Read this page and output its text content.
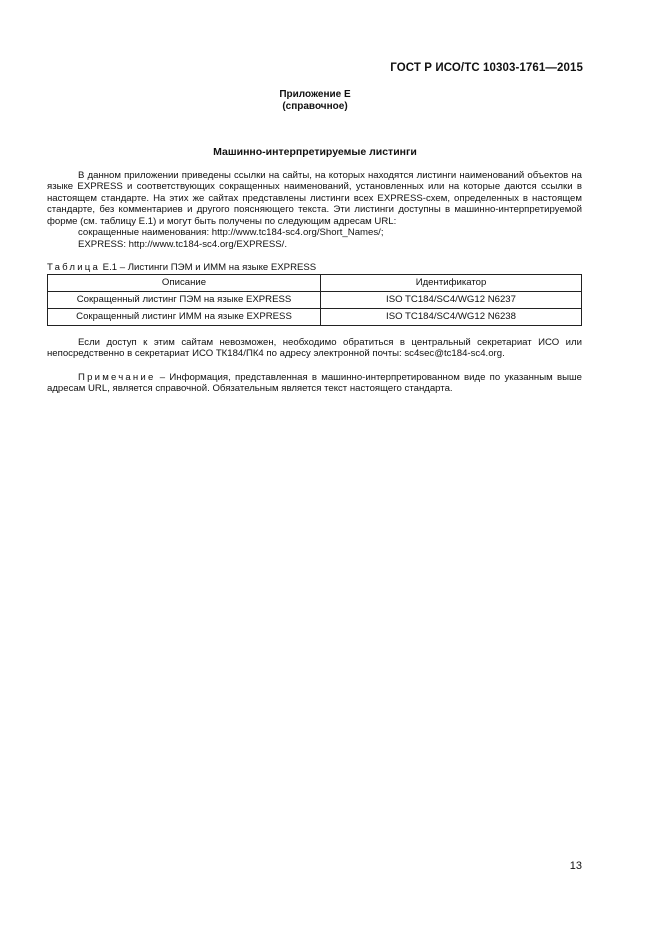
ГОСТ Р ИСО/ТС 10303-1761—2015
Приложение Е
(справочное)
Машинно-интерпретируемые листинги

В данном приложении приведены ссылки на сайты, на которых находятся листинги наименований объектов на языке EXPRESS и соответствующих сокращенных наименований, установленных или на которые даются ссылки в настоящем стандарте. На этих же сайтах представлены листинги всех EXPRESS-схем, определенных в настоящем стандарте, без комментариев и другого поясняющего текста. Эти листинги доступны в машинно-интерпретируемой форме (см. таблицу Е.1) и могут быть получены по следующим адресам URL:

сокращенные наименования: http://www.tc184-sc4.org/Short_Names/;
EXPRESS: http://www.tc184-sc4.org/EXPRESS/.
Таблица Е.1 – Листинги ПЭМ и ИММ на языке EXPRESS
Описание	Идентификатор
Сокращенный листинг ПЭМ на языке EXPRESS	ISO TC184/SC4/WG12 N6237
Сокращенный листинг ИММ на языке EXPRESS	ISO TC184/SC4/WG12 N6238

Если доступ к этим сайтам невозможен, необходимо обратиться в центральный секретариат ИСО или непосредственно в секретариат ИСО ТК184/ПК4 по адресу электронной почты: sc4sec@tc184-sc4.org.

Примечание – Информация, представленная в машинно-интерпретированном виде по указанным выше адресам URL, является справочной. Обязательным является текст настоящего стандарта.

13
